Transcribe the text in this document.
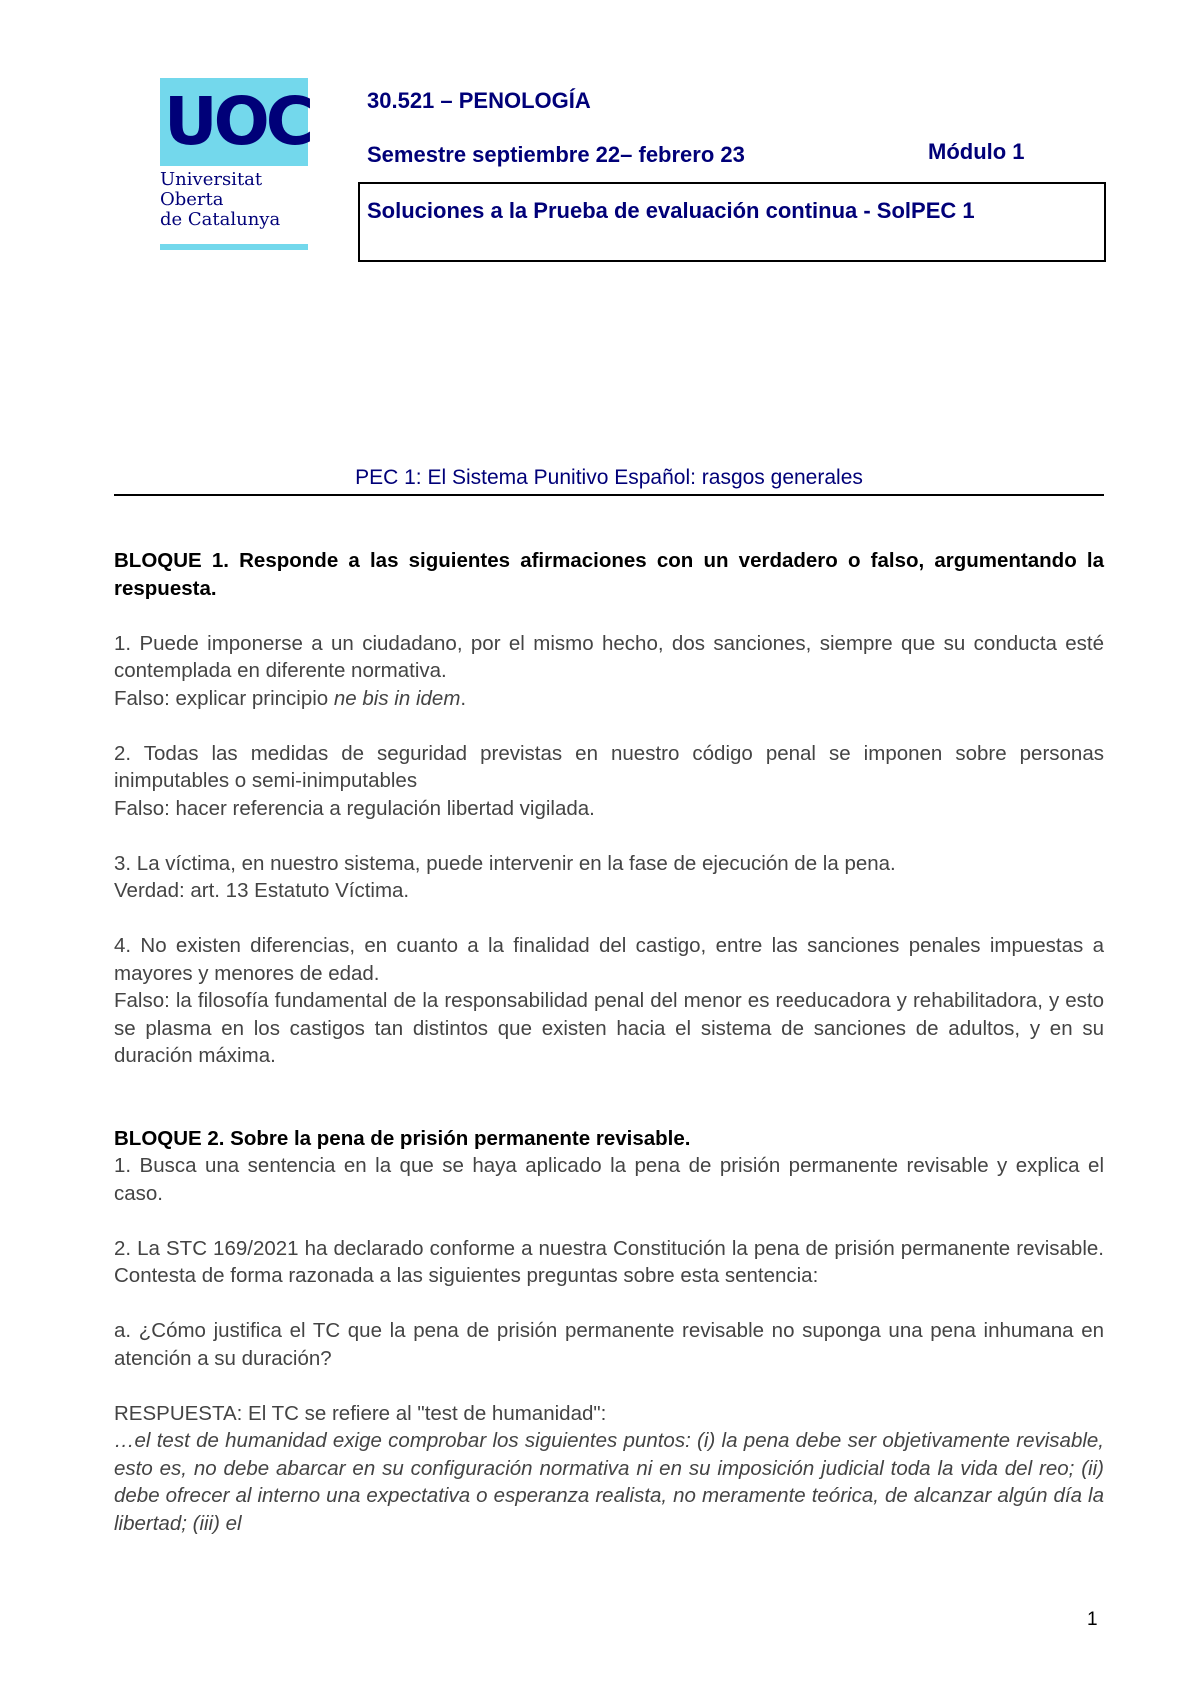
UOC
Universitat
Oberta
de Catalunya
30.521 – PENOLOGÍA
Semestre septiembre 22– febrero 23	Módulo 1
Soluciones a la Prueba de evaluación continua - SolPEC 1
PEC 1: El Sistema Punitivo Español: rasgos generales

BLOQUE 1. Responde a las siguientes afirmaciones con un verdadero o falso, argumentando la respuesta.

1. Puede imponerse a un ciudadano, por el mismo hecho, dos sanciones, siempre que su conducta esté contemplada en diferente normativa.

Falso: explicar principio ne bis in idem.

2. Todas las medidas de seguridad previstas en nuestro código penal se imponen sobre personas inimputables o semi-inimputables

Falso: hacer referencia a regulación libertad vigilada.

3. La víctima, en nuestro sistema, puede intervenir en la fase de ejecución de la pena.

Verdad: art. 13 Estatuto Víctima.

4. No existen diferencias, en cuanto a la finalidad del castigo, entre las sanciones penales impuestas a mayores y menores de edad.

Falso: la filosofía fundamental de la responsabilidad penal del menor es reeducadora y rehabilitadora, y esto se plasma en los castigos tan distintos que existen hacia el sistema de sanciones de adultos, y en su duración máxima.

BLOQUE 2. Sobre la pena de prisión permanente revisable.

1. Busca una sentencia en la que se haya aplicado la pena de prisión permanente revisable y explica el caso.

2. La STC 169/2021 ha declarado conforme a nuestra Constitución la pena de prisión permanente revisable. Contesta de forma razonada a las siguientes preguntas sobre esta sentencia:

a. ¿Cómo justifica el TC que la pena de prisión permanente revisable no suponga una pena inhumana en atención a su duración?

RESPUESTA: El TC se refiere al "test de humanidad":

…el test de humanidad exige comprobar los siguientes puntos: (i) la pena debe ser objetivamente revisable, esto es, no debe abarcar en su configuración normativa ni en su imposición judicial toda la vida del reo; (ii) debe ofrecer al interno una expectativa o esperanza realista, no meramente teórica, de alcanzar algún día la libertad; (iii) el

1
